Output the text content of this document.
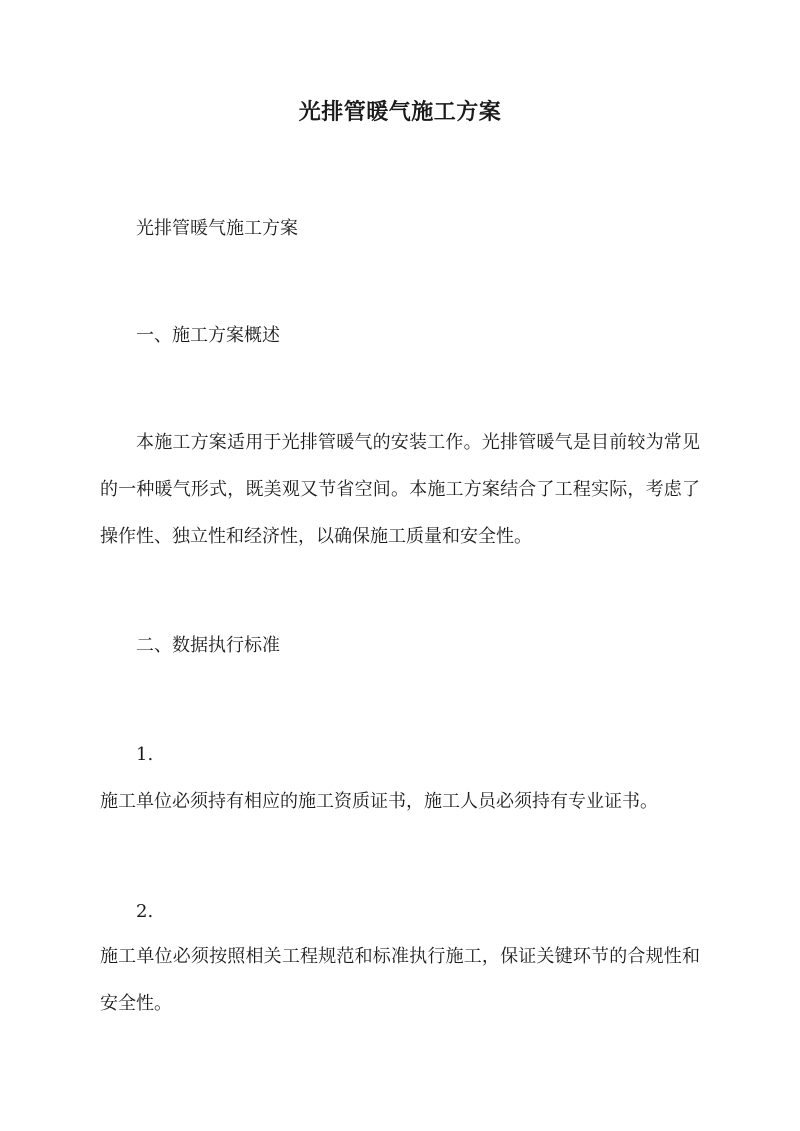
光排管暖气施工方案
光排管暖气施工方案
一、施工方案概述
本施工方案适用于光排管暖气的安装工作。光排管暖气是目前较为常见的一种暖气形式，既美观又节省空间。本施工方案结合了工程实际，考虑了操作性、独立性和经济性，以确保施工质量和安全性。
二、数据执行标准
1.
施工单位必须持有相应的施工资质证书，施工人员必须持有专业证书。
2.
施工单位必须按照相关工程规范和标准执行施工，保证关键环节的合规性和安全性。
